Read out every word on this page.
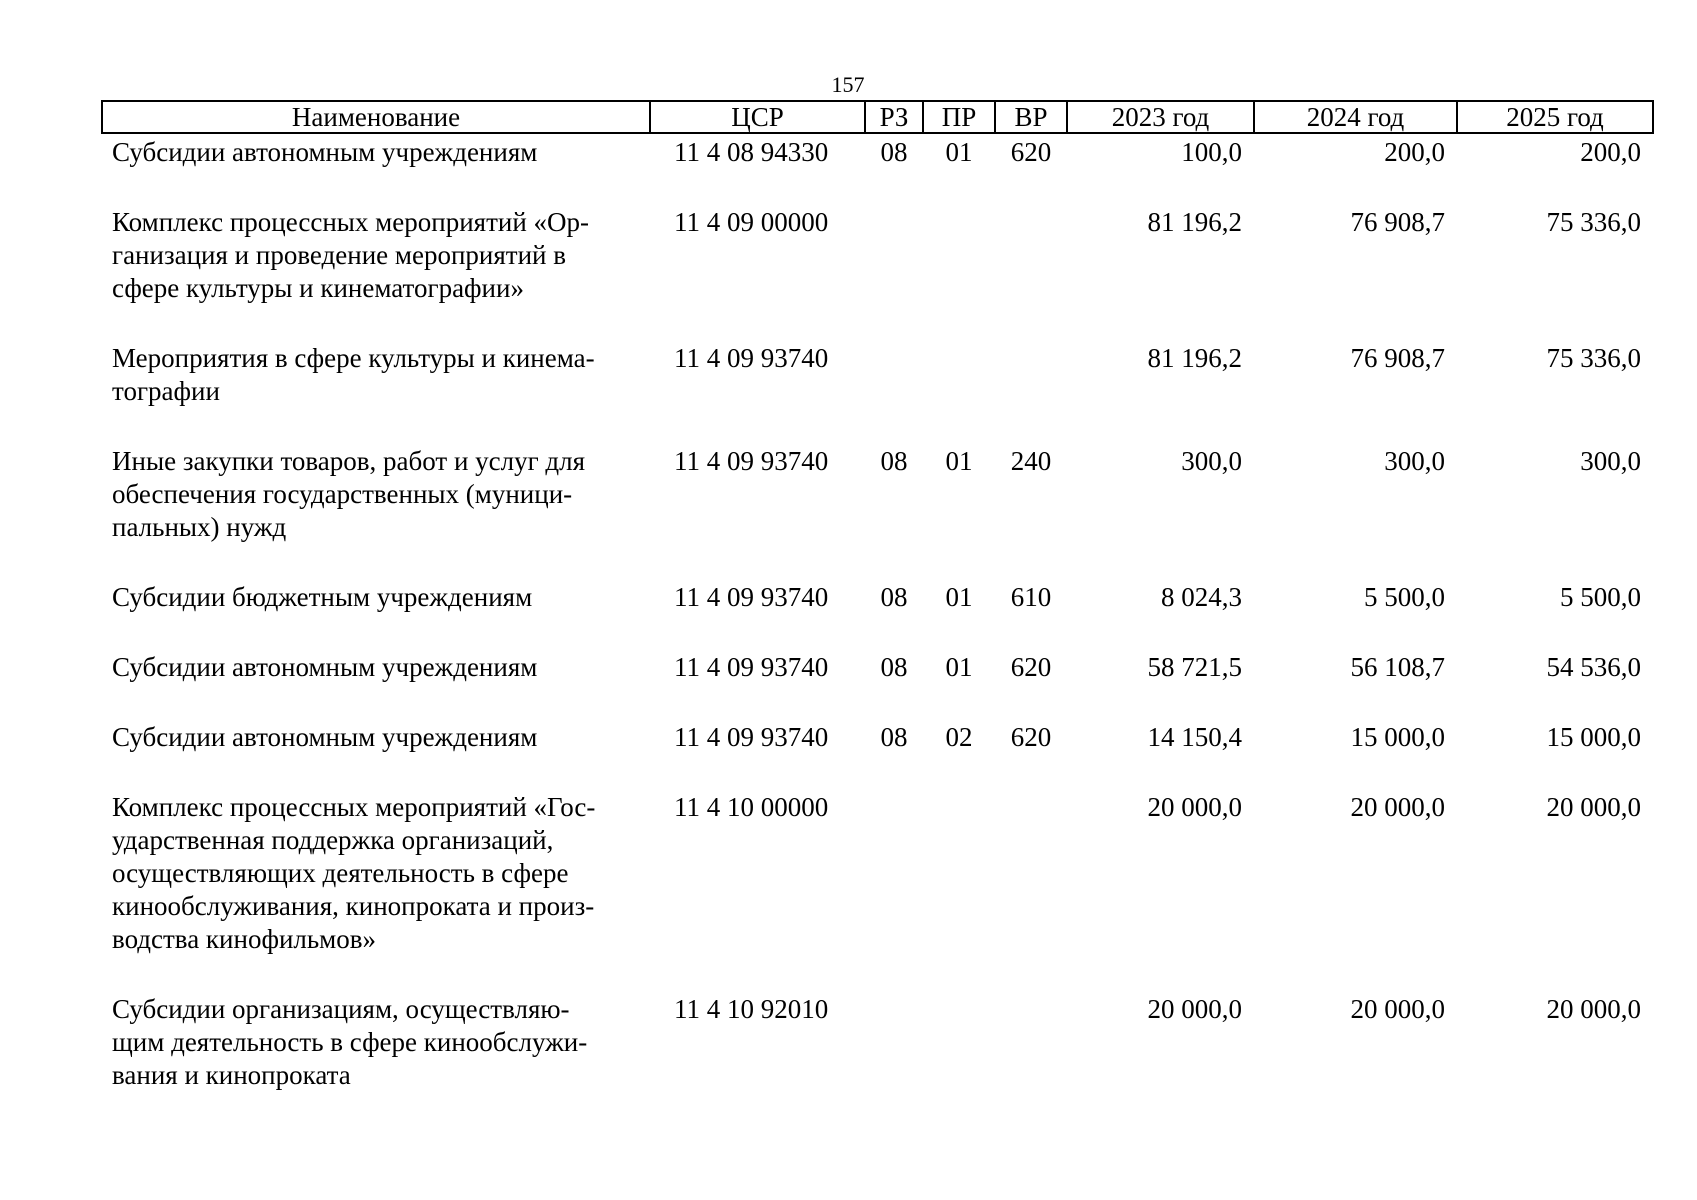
157
Наименование	ЦСР	РЗ	ПР	ВР	2023 год	2024 год	2025 год
Субсидии автономным учреждениям	11 4 08 94330	08	01	620	100,0	200,0	200,0
Комплекс процессных мероприятий «Ор-
ганизация и проведение мероприятий в
сфере культуры и кинематографии»	11 4 09 00000				81 196,2	76 908,7	75 336,0
Мероприятия в сфере культуры и кинема-
тографии	11 4 09 93740				81 196,2	76 908,7	75 336,0
Иные закупки товаров, работ и услуг для
обеспечения государственных (муници-
пальных) нужд	11 4 09 93740	08	01	240	300,0	300,0	300,0
Субсидии бюджетным учреждениям	11 4 09 93740	08	01	610	8 024,3	5 500,0	5 500,0
Субсидии автономным учреждениям	11 4 09 93740	08	01	620	58 721,5	56 108,7	54 536,0
Субсидии автономным учреждениям	11 4 09 93740	08	02	620	14 150,4	15 000,0	15 000,0
Комплекс процессных мероприятий «Гос-
ударственная поддержка организаций,
осуществляющих деятельность в сфере
кинообслуживания, кинопроката и произ-
водства кинофильмов»	11 4 10 00000				20 000,0	20 000,0	20 000,0
Субсидии организациям, осуществляю-
щим деятельность в сфере кинообслужи-
вания и кинопроката	11 4 10 92010				20 000,0	20 000,0	20 000,0
